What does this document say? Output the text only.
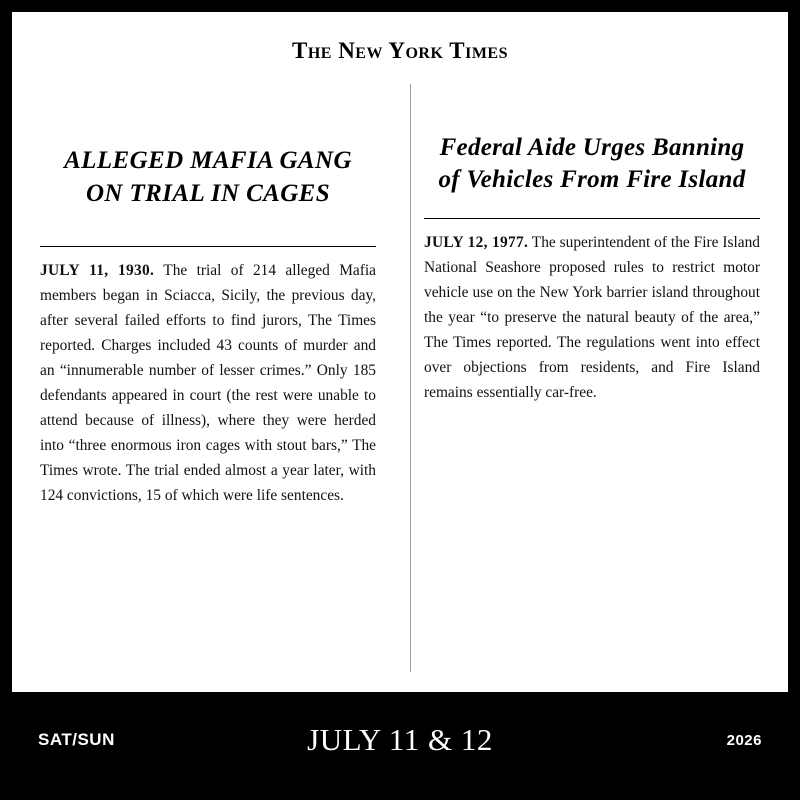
The New York Times
ALLEGED MAFIA GANG ON TRIAL IN CAGES

JULY 11, 1930. The trial of 214 alleged Mafia members began in Sciacca, Sicily, the previous day, after several failed efforts to find jurors, The Times reported. Charges included 43 counts of murder and an “innumerable number of lesser crimes.” Only 185 defendants appeared in court (the rest were unable to attend because of illness), where they were herded into “three enormous iron cages with stout bars,” The Times wrote. The trial ended almost a year later, with 124 convictions, 15 of which were life sentences.

Federal Aide Urges Banning of Vehicles From Fire Island

JULY 12, 1977. The superintendent of the Fire Island National Seashore proposed rules to restrict motor vehicle use on the New York barrier island throughout the year “to preserve the natural beauty of the area,” The Times reported. The regulations went into effect over objections from residents, and Fire Island remains essentially car-free.

SAT/SUN	JULY 11 & 12	2026
